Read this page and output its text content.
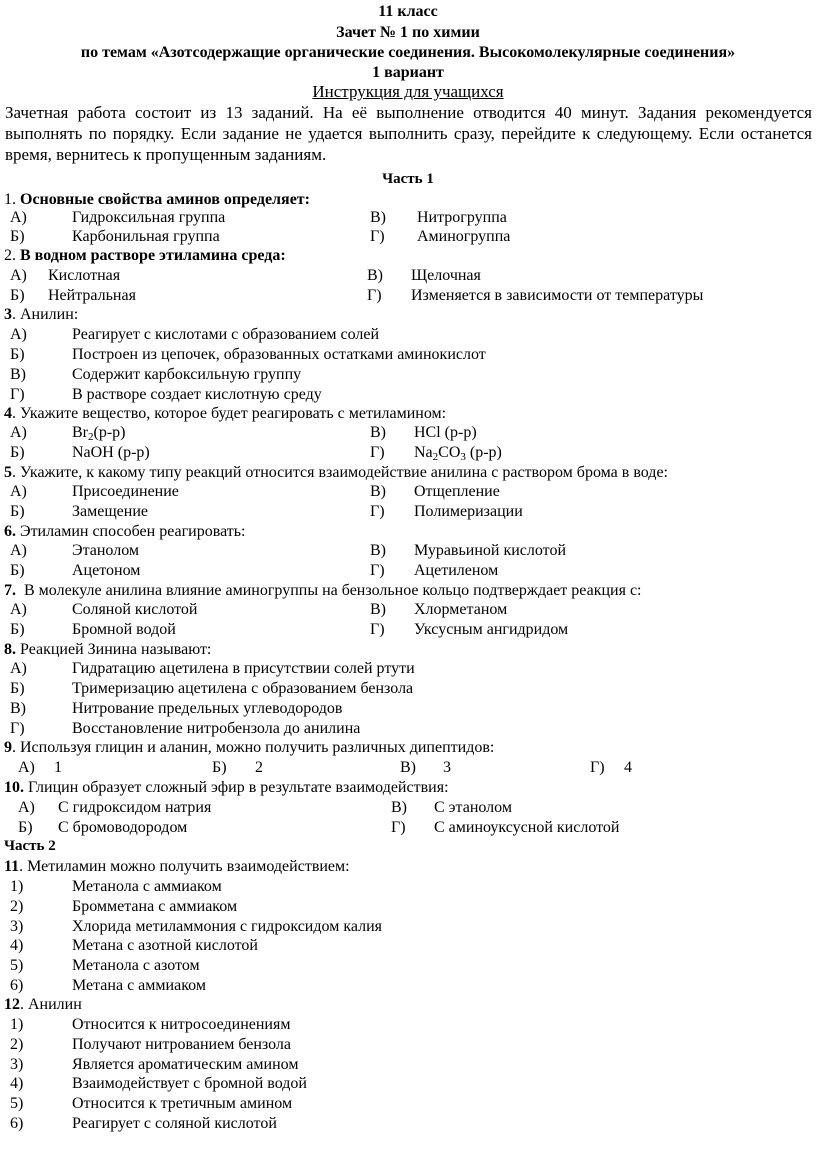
11 класс
Зачет № 1 по химии
по темам «Азотсодержащие органические соединения. Высокомолекулярные соединения»
1 вариант
Инструкция для учащихся
Зачетная работа состоит из 13 заданий. На её выполнение отводится 40 минут. Задания рекомендуется выполнять по порядку. Если задание не удается выполнить сразу, перейдите к следующему. Если останется время, вернитесь к пропущенным заданиям.
Часть 1
1. Основные свойства аминов определяет:
А)	Гидроксильная группа	В) Нитрогруппа
Б)	Карбонильная группа	Г) Аминогруппа
2. В водном растворе этиламина среда:
А) Кислотная	В) Щелочная
Б) Нейтральная	Г) Изменяется в зависимости от температуры
3. Анилин:
А)	Реагирует с кислотами с образованием солей
Б)	Построен из цепочек, образованных остатками аминокислот
В)	Содержит карбоксильную группу
Г)	В растворе создает кислотную среду
4. Укажите вещество, которое будет реагировать с метиламином:
А)	$Br_2(р-р)$	В) HCl (р-р)
Б)	NaOH (р-р)	Г) $Na_2CO_3$ (р-р)
5. Укажите, к какому типу реакций относится взаимодействие анилина с раствором брома в воде:
А)	Присоединение	В) Отщепление
Б)	Замещение	Г) Полимеризации
6. Этиламин способен реагировать:
А)	Этанолом	В) Муравьиной кислотой
Б)	Ацетоном	Г) Ацетиленом
7. В молекуле анилина влияние аминогруппы на бензольное кольцо подтверждает реакция с:
А)	Соляной кислотой	В) Хлорметаном
Б)	Бромной водой	Г) Уксусным ангидридом
8. Реакцией Зинина называют:
А)	Гидратацию ацетилена в присутствии солей ртути
Б)	Тримеризацию ацетилена с образованием бензола
В)	Нитрование предельных углеводородов
Г)	Восстановление нитробензола до анилина
9. Используя глицин и аланин, можно получить различных дипептидов:
А) 1	Б) 2	В) 3	Г) 4
10. Глицин образует сложный эфир в результате взаимодействия:
А) С гидроксидом натрия	В) С этанолом
Б) С бромоводородом	Г) С аминоуксусной кислотой
Часть 2
11. Метиламин можно получить взаимодействием:
1)	Метанола с аммиаком
2)	Бромметана с аммиаком
3)	Хлорида метиламмония с гидроксидом калия
4)	Метана с азотной кислотой
5)	Метанола с азотом
6)	Метана с аммиаком
12. Анилин
1)	Относится к нитросоединениям
2)	Получают нитрованием бензола
3)	Является ароматическим амином
4)	Взаимодействует с бромной водой
5)	Относится к третичным амином
6)	Реагирует с соляной кислотой
